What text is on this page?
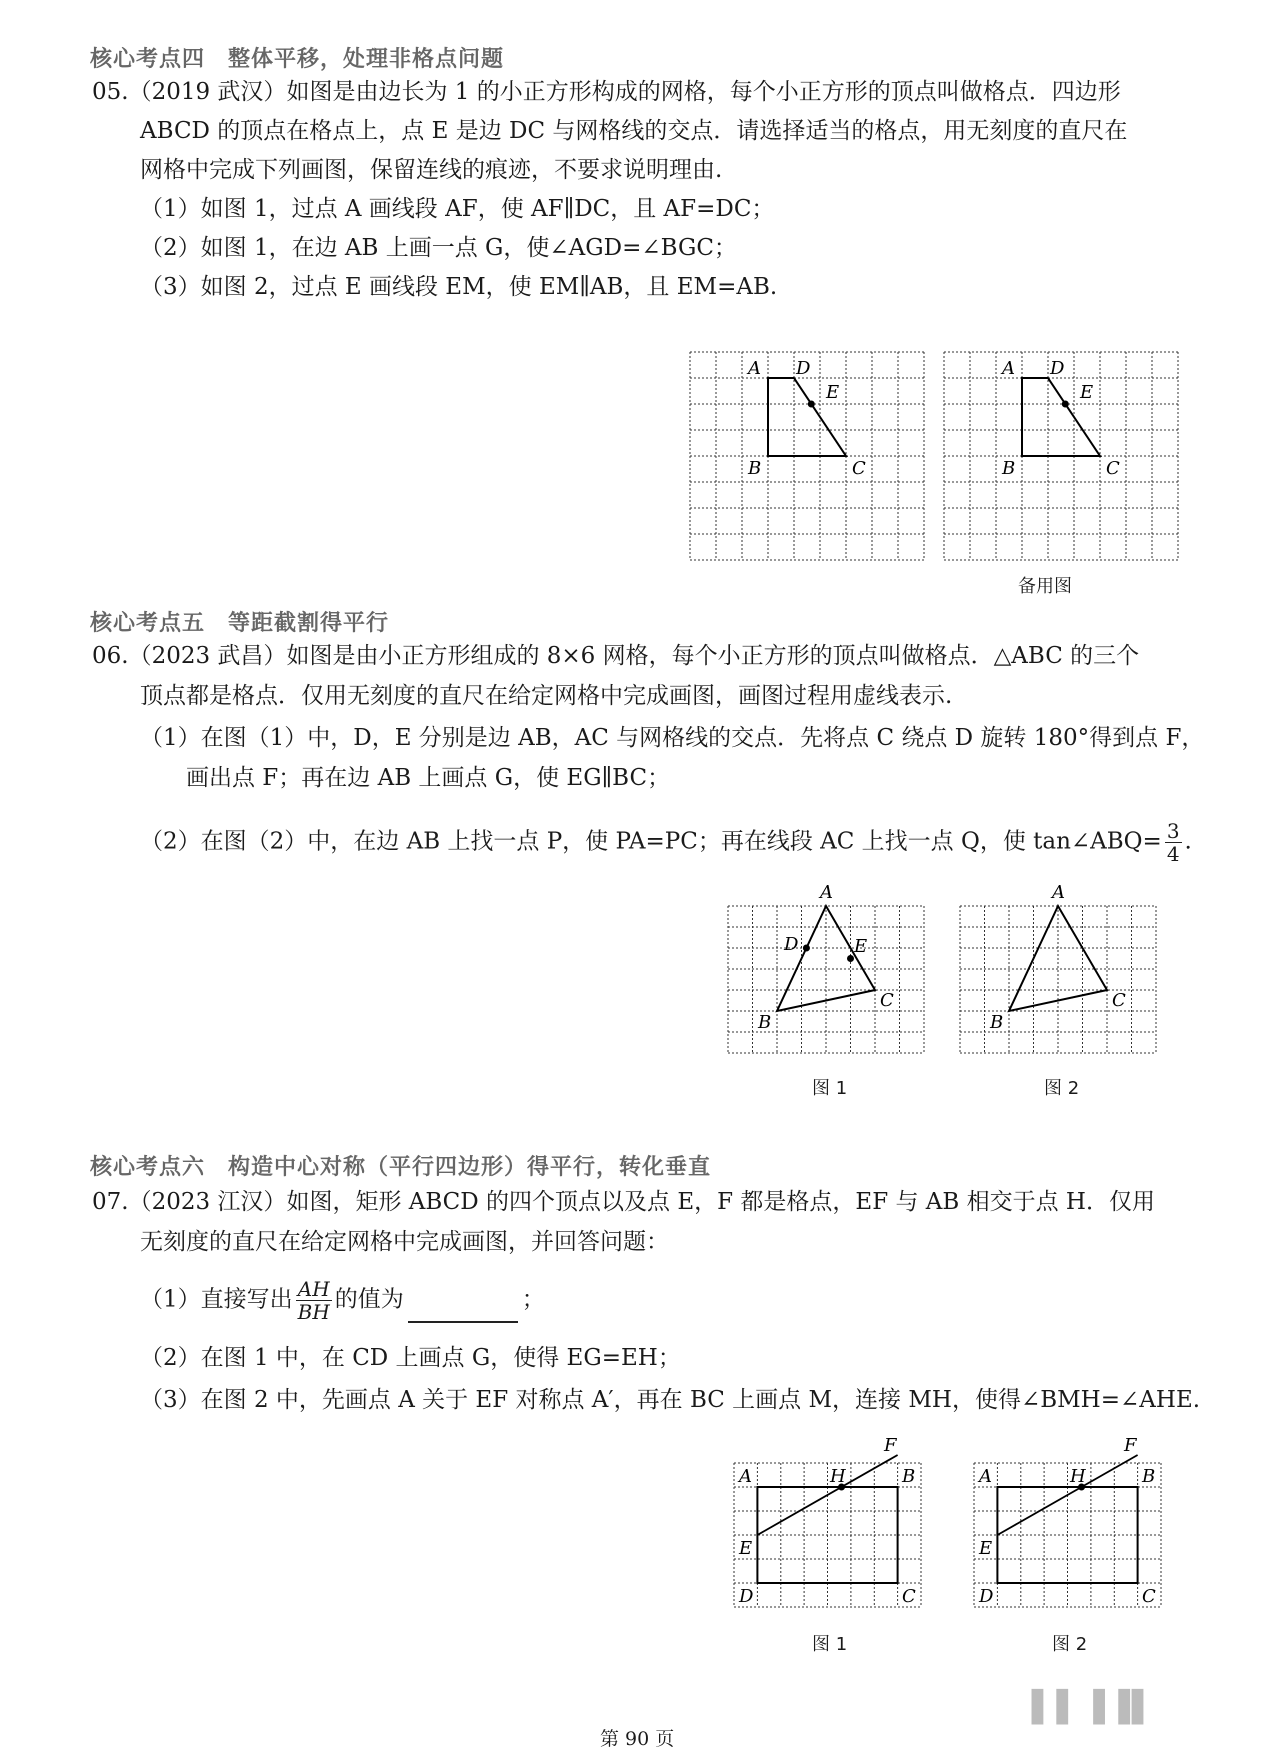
核心考点四　整体平移，处理非格点问题
05.（2019 武汉）如图是由边长为 1 的小正方形构成的网格，每个小正方形的顶点叫做格点．四边形
ABCD 的顶点在格点上，点 E 是边 DC 与网格线的交点．请选择适当的格点，用无刻度的直尺在
网格中完成下列画图，保留连线的痕迹，不要求说明理由.
（1）如图 1，过点 A 画线段 AF，使 AF∥DC，且 AF=DC；
（2）如图 1，在边 AB 上画一点 G，使∠AGD=∠BGC；
（3）如图 2，过点 E 画线段 EM，使 EM∥AB，且 EM=AB.
A D
E
B	C
A D
E
B	C
备用图
核心考点五　等距截割得平行
06.（2023 武昌）如图是由小正方形组成的 8×6 网格，每个小正方形的顶点叫做格点．△ABC 的三个
顶点都是格点．仅用无刻度的直尺在给定网格中完成画图，画图过程用虚线表示.
（1）在图（1）中，D，E 分别是边 AB，AC 与网格线的交点．先将点 C 绕点 D 旋转 180°得到点 F，
画出点 F；再在边 AB 上画点 G，使 EG∥BC；
（2）在图（2）中，在边 AB 上找一点 P，使 PA=PC；再在线段 AC 上找一点 Q，使 tan∠ABQ= $\frac{3}{4}$ .
A
D	E
B
C
图 1
A
B
C
图 2
核心考点六　构造中心对称（平行四边形）得平行，转化垂直
07.（2023 江汉）如图，矩形 ABCD 的四个顶点以及点 E，F 都是格点，EF 与 AB 相交于点 H．仅用
无刻度的直尺在给定网格中完成画图，并回答问题：
（1）直接写出 $\frac{AH}{BH}$ 的值为	；
（2）在图 1 中，在 CD 上画点 G，使得 EG=EH；
（3）在图 2 中，先画点 A 关于 EF 对称点 A′，再在 BC 上画点 M，连接 MH，使得∠BMH=∠AHE.
A	H	B
F
E
D	C
图 1
A	H	B
F
E
D	C
图 2
▐ ▌▐▐▌
第 90 页
